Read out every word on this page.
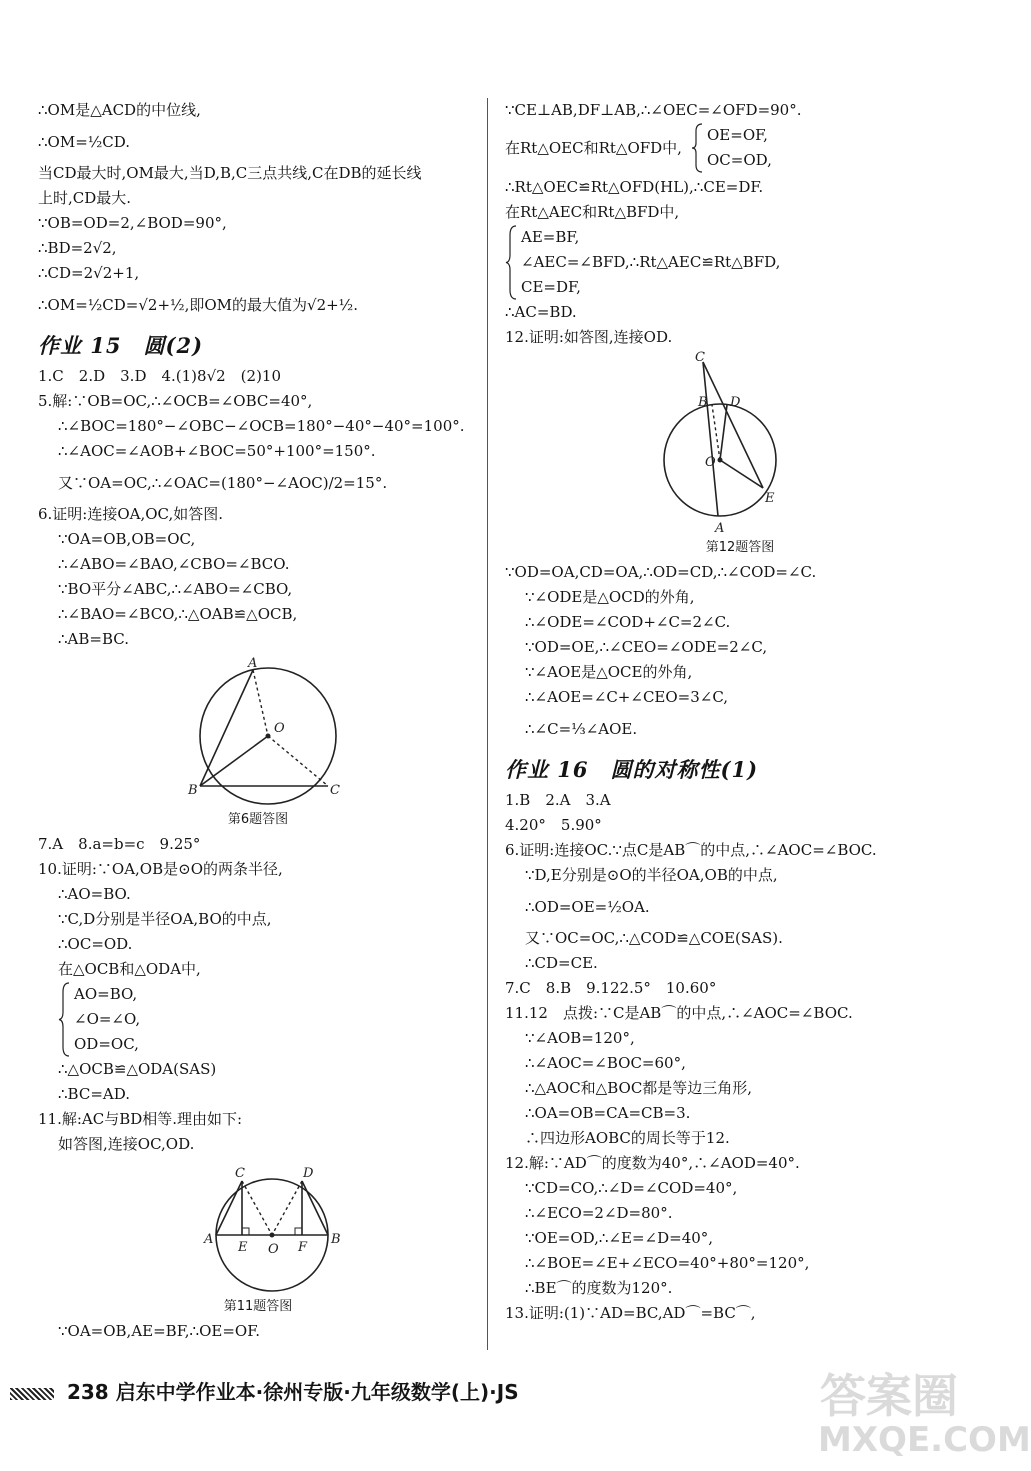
∴OM是△ACD的中位线,
∴OM=½CD.
当CD最大时,OM最大,当D,B,C三点共线,C在DB的延长线
上时,CD最大.
∵OB=OD=2,∠BOD=90°,
∴BD=2√2,
∴CD=2√2+1,
∴OM=½CD=√2+½,即OM的最大值为√2+½.
作业 15　圆(2)
1.C　2.D　3.D　4.(1)8√2　(2)10
5.解:∵OB=OC,∴∠OCB=∠OBC=40°,
∴∠BOC=180°−∠OBC−∠OCB=180°−40°−40°=100°.
∴∠AOC=∠AOB+∠BOC=50°+100°=150°.
又∵OA=OC,∴∠OAC=(180°−∠AOC)/2=15°.
6.证明:连接OA,OC,如答图.
∵OA=OB,OB=OC,
∴∠ABO=∠BAO,∠CBO=∠BCO.
∵BO平分∠ABC,∴∠ABO=∠CBO,
∴∠BAO=∠BCO,∴△OAB≌△OCB,
∴AB=BC.
A
B	C
O
第6题答图
7.A　8.a=b=c　9.25°
10.证明:∵OA,OB是⊙O的两条半径,
∴AO=BO.
∵C,D分别是半径OA,BO的中点,
∴OC=OD.
在△OCB和△ODA中,
AO=BO,
∠O=∠O,
OD=OC,
∴△OCB≌△ODA(SAS)
∴BC=AD.
11.解:AC与BD相等.理由如下:
如答图,连接OC,OD.
C	D
A	B
E O F
第11题答图
∵OA=OB,AE=BF,∴OE=OF.
∵CE⊥AB,DF⊥AB,∴∠OEC=∠OFD=90°.
在Rt△OEC和Rt△OFD中,
OE=OF,
OC=OD,
∴Rt△OEC≌Rt△OFD(HL),∴CE=DF.
在Rt△AEC和Rt△BFD中,
AE=BF,
∠AEC=∠BFD,∴Rt△AEC≌Rt△BFD,
CE=DF,
∴AC=BD.
12.证明:如答图,连接OD.
C
B D
O
E
A
第12题答图
∵OD=OA,CD=OA,∴OD=CD,∴∠COD=∠C.
∵∠ODE是△OCD的外角,
∴∠ODE=∠COD+∠C=2∠C.
∵OD=OE,∴∠CEO=∠ODE=2∠C,
∵∠AOE是△OCE的外角,
∴∠AOE=∠C+∠CEO=3∠C,
∴∠C=⅓∠AOE.
作业 16　圆的对称性(1)
1.B　2.A　3.A
4.20°　5.90°
6.证明:连接OC.∵点C是AB⌒的中点,∴∠AOC=∠BOC.
∵D,E分别是⊙O的半径OA,OB的中点,
∴OD=OE=½OA.
又∵OC=OC,∴△COD≌△COE(SAS).
∴CD=CE.
7.C　8.B　9.122.5°　10.60°
11.12　点拨:∵C是AB⌒的中点,∴∠AOC=∠BOC.
∵∠AOB=120°,
∴∠AOC=∠BOC=60°,
∴△AOC和△BOC都是等边三角形,
∴OA=OB=CA=CB=3.
∴四边形AOBC的周长等于12.
12.解:∵AD⌒的度数为40°,∴∠AOD=40°.
∵CD=CO,∴∠D=∠COD=40°,
∴∠ECO=2∠D=80°.
∵OE=OD,∴∠E=∠D=40°,
∴∠BOE=∠E+∠ECO=40°+80°=120°,
∴BE⌒的度数为120°.
13.证明:(1)∵AD=BC,AD⌒=BC⌒,
238 启东中学作业本·徐州专版·九年级数学(上)·JS	答案圈
MXQE.COM
